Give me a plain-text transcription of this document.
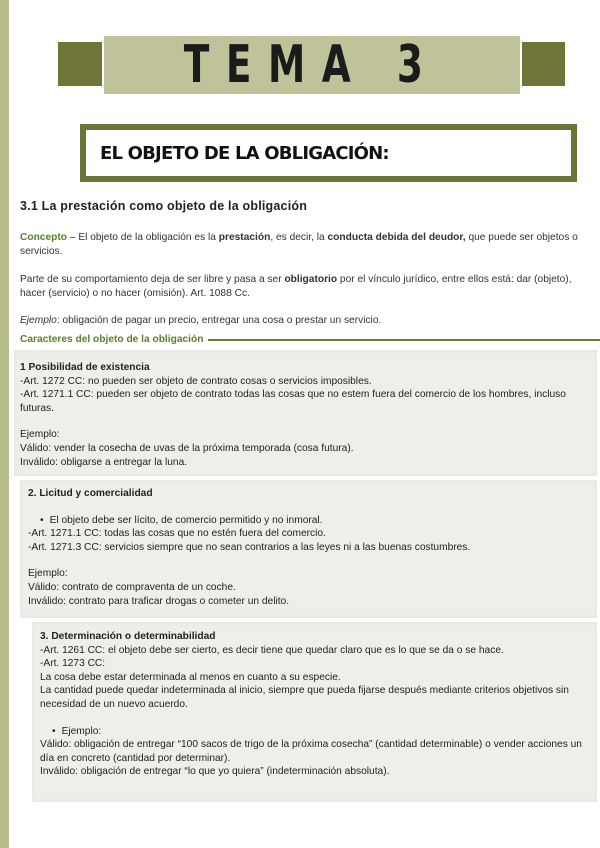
TEMA 3
EL OBJETO DE LA OBLIGACIÓN:
3.1 La prestación como objeto de la obligación
Concepto – El objeto de la obligación es la prestación, es decir, la conducta debida del deudor, que puede ser objetos o servicios.
Parte de su comportamiento deja de ser libre y pasa a ser obligatorio por el vínculo jurídico, entre ellos está: dar (objeto), hacer (servicio) o no hacer (omisión). Art. 1088 Cc.
Ejemplo: obligación de pagar un precio, entregar una cosa o prestar un servicio.
Caracteres del objeto de la obligación
1 Posibilidad de existencia
-Art. 1272 CC: no pueden ser objeto de contrato cosas o servicios imposibles.
-Art. 1271.1 CC: pueden ser objeto de contrato todas las cosas que no estem fuera del comercio de los hombres, incluso futuras.
Ejemplo:
Válido: vender la cosecha de uvas de la próxima temporada (cosa futura).
Inválido: obligarse a entregar la luna.
2. Licitud y comercialidad
• El objeto debe ser lícito, de comercio permitido y no inmoral.
-Art. 1271.1 CC: todas las cosas que no estén fuera del comercio.
-Art. 1271.3 CC: servicios siempre que no sean contrarios a las leyes ni a las buenas costumbres.
Ejemplo:
Válido: contrato de compraventa de un coche.
Inválido: contrato para traficar drogas o cometer un delito.
3. Determinación o determinabilidad
-Art. 1261 CC: el objeto debe ser cierto, es decir tiene que quedar claro que es lo que se da o se hace.
-Art. 1273 CC:
La cosa debe estar determinada al menos en cuanto a su especie.
La cantidad puede quedar indeterminada al inicio, siempre que pueda fijarse después mediante criterios objetivos sin necesidad de un nuevo acuerdo.
• Ejemplo:
Válido: obligación de entregar “100 sacos de trigo de la próxima cosecha” (cantidad determinable) o vender acciones un día en concreto (cantidad por determinar).
Inválido: obligación de entregar “lo que yo quiera” (indeterminación absoluta).
